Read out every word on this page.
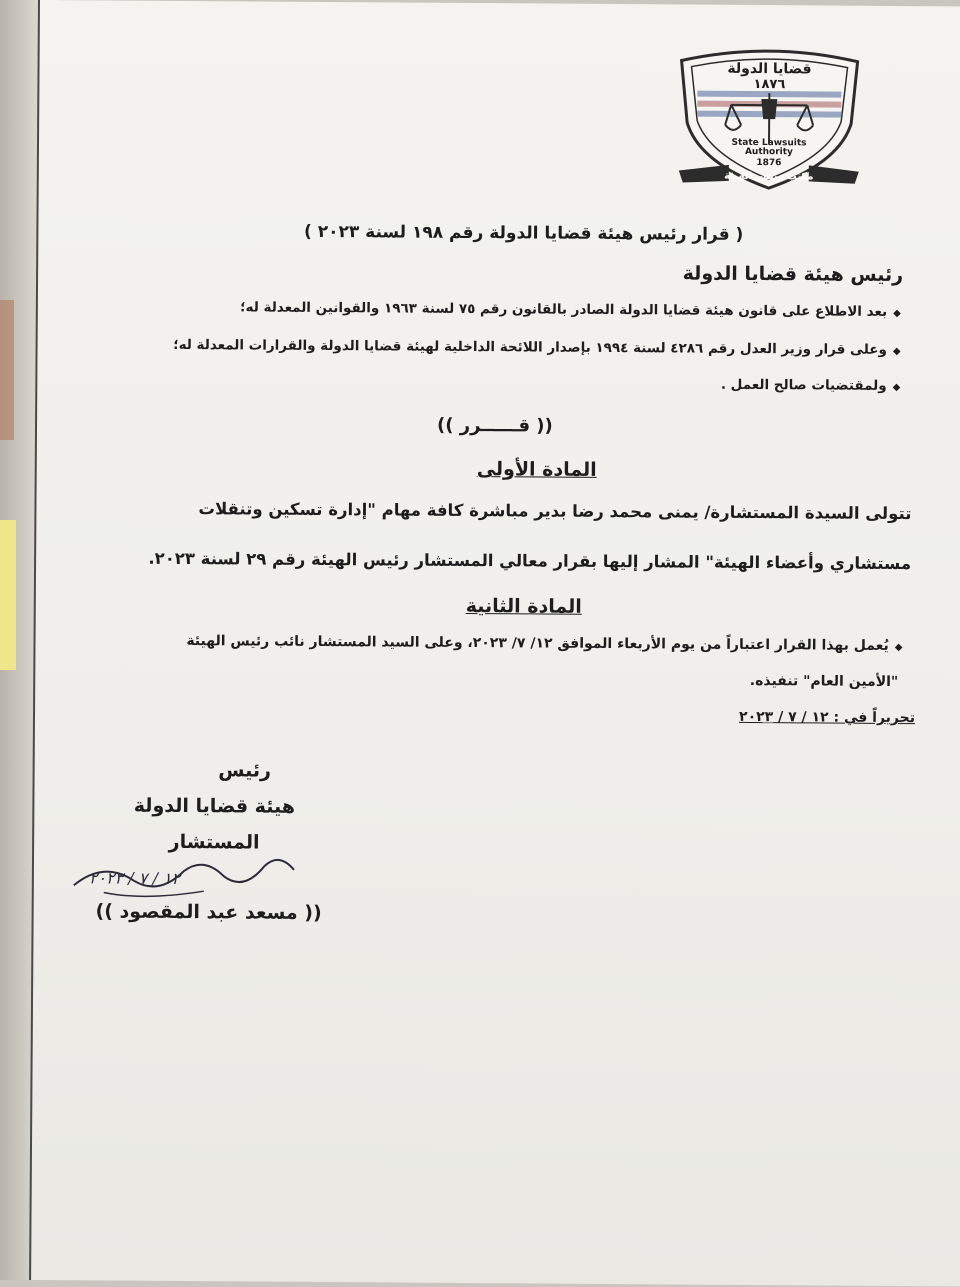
قضايا الدولة
١٨٧٦
State Lawsuits
Authority
1876
مكتب رئيس الهيئة
( قرار رئيس هيئة قضايا الدولة رقم ١٩٨ لسنة ٢٠٢٣ )
رئيس هيئة قضايا الدولة
◆ بعد الاطلاع على قانون هيئة قضايا الدولة الصادر بالقانون رقم ٧٥ لسنة ١٩٦٣ والقوانين المعدلة له؛
◆ وعلى قرار وزير العدل رقم ٤٢٨٦ لسنة ١٩٩٤ بإصدار اللائحة الداخلية لهيئة قضايا الدولة والقرارات المعدلة له؛
◆ ولمقتضيات صالح العمل .
(( قــــــرر ))
المادة الأولى
تتولى السيدة المستشارة/ يمنى محمد رضا بدير مباشرة كافة مهام "إدارة تسكين وتنقلات
مستشاري وأعضاء الهيئة" المشار إليها بقرار معالي المستشار رئيس الهيئة رقم ٢٩ لسنة ٢٠٢٣.
المادة الثانية
◆يُعمل بهذا القرار اعتباراً من يوم الأربعاء الموافق ١٢/ ٧/ ٢٠٢٣، وعلى السيد المستشار نائب رئيس الهيئة
"الأمين العام" تنفيذه.
تحريراً في : ١٢ / ٧ / ٢٠٢٣
رئيس
هيئة قضايا الدولة
المستشار
١٢ / ٧ / ٢٠٢٣
(( مسعد عبد المقصود ))
